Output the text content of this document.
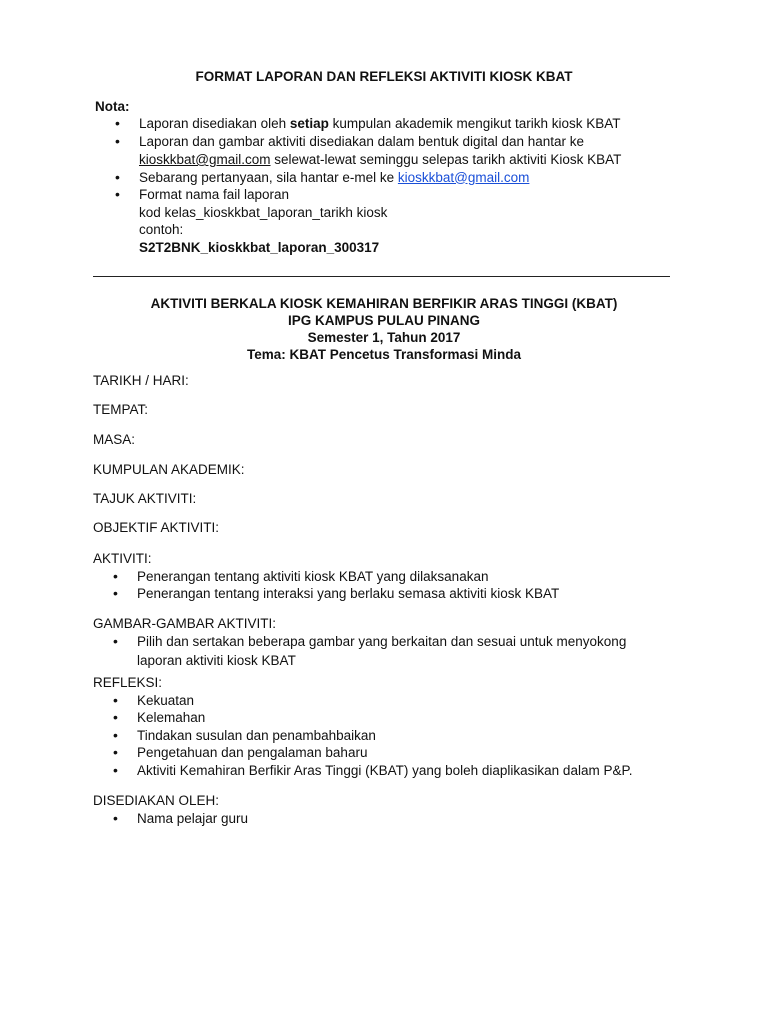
FORMAT LAPORAN DAN REFLEKSI AKTIVITI KIOSK KBAT
Nota:
• Laporan disediakan oleh setiap kumpulan akademik mengikut tarikh kiosk KBAT
• Laporan dan gambar aktiviti disediakan dalam bentuk digital dan hantar ke
kioskkbat@gmail.com selewat-lewat seminggu selepas tarikh aktiviti Kiosk KBAT
• Sebarang pertanyaan, sila hantar e-mel ke kioskkbat@gmail.com
• Format nama fail laporan
kod kelas_kioskkbat_laporan_tarikh kiosk
contoh:
S2T2BNK_kioskkbat_laporan_300317
AKTIVITI BERKALA KIOSK KEMAHIRAN BERFIKIR ARAS TINGGI (KBAT)
IPG KAMPUS PULAU PINANG
Semester 1, Tahun 2017
Tema: KBAT Pencetus Transformasi Minda
TARIKH / HARI:
TEMPAT:
MASA:
KUMPULAN AKADEMIK:
TAJUK AKTIVITI:
OBJEKTIF AKTIVITI:
AKTIVITI:
• Penerangan tentang aktiviti kiosk KBAT yang dilaksanakan
• Penerangan tentang interaksi yang berlaku semasa aktiviti kiosk KBAT
GAMBAR-GAMBAR AKTIVITI:
• Pilih dan sertakan beberapa gambar yang berkaitan dan sesuai untuk menyokong
laporan aktiviti kiosk KBAT
REFLEKSI:
• Kekuatan
• Kelemahan
• Tindakan susulan dan penambahbaikan
• Pengetahuan dan pengalaman baharu
• Aktiviti Kemahiran Berfikir Aras Tinggi (KBAT) yang boleh diaplikasikan dalam P&P.
DISEDIAKAN OLEH:
• Nama pelajar guru
